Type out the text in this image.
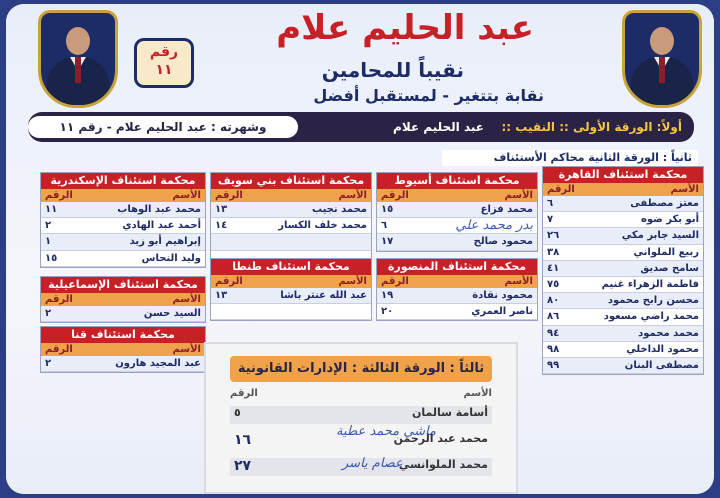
عبد الحليم علام
نقيباً للمحامين
نقابة بتتغير - لمستقبل أفضل
رقم
١١
أولاً: الورقة الأولى :: النقيب ::
عبد الحليم علام
وشهرته : عبد الحليم علام - رقم ١١
ثانياً : الورقة الثانية محاكم الأستئناف
محكمة استئناف القاهرة
الأسم
الرقم
معتز مصطفى
٦
أبو بكر ضوه
٧
السيد جابر مكي
٢٦
ربيع الملواني
٣٨
سامح صديق
٤١
فاطمة الزهراء غنيم
٧٥
محسن رابح محمود
٨٠
محمد راضي مسعود
٨٦
محمد محمود
٩٤
محمود الداخلي
٩٨
مصطفى البنان
٩٩
محكمة استئناف أسيوط
الأسم
الرقم
محمد فزاع
١٥
بدر محمد علي
٦
محمود صالح
١٧
محكمة استئناف المنصورة
الأسم
الرقم
محمود نقادة
١٩
ناصر العمري
٢٠
محكمة استئناف بني سويف
الأسم
الرقم
محمد نجيب
١٣
محمد خلف الكسار
١٤
محكمة استئناف طنطا
الأسم
الرقم
عبد الله عنتر باشا
١٣
محكمة استئناف الإسكندرية
الأسم
الرقم
محمد عبد الوهاب
١١
أحمد عبد الهادي
٢
إبراهيم أبو زيد
١
وليد النحاس
١٥
محكمة استئناف الإسماعيلية
الأسم
الرقم
السيد حسن
٢
محكمة استئناف قنا
الأسم
الرقم
عبد المجيد هارون
٢	ثالثاً : الورقة الثالثة : الإدارات القانونية
الأسم
الرقم
أسامة سالمان
٥
محمد عبد الرحمن
١٦
محمد الملوانسي
٢٧
ماشي محمد عطية
عصام ياسر
